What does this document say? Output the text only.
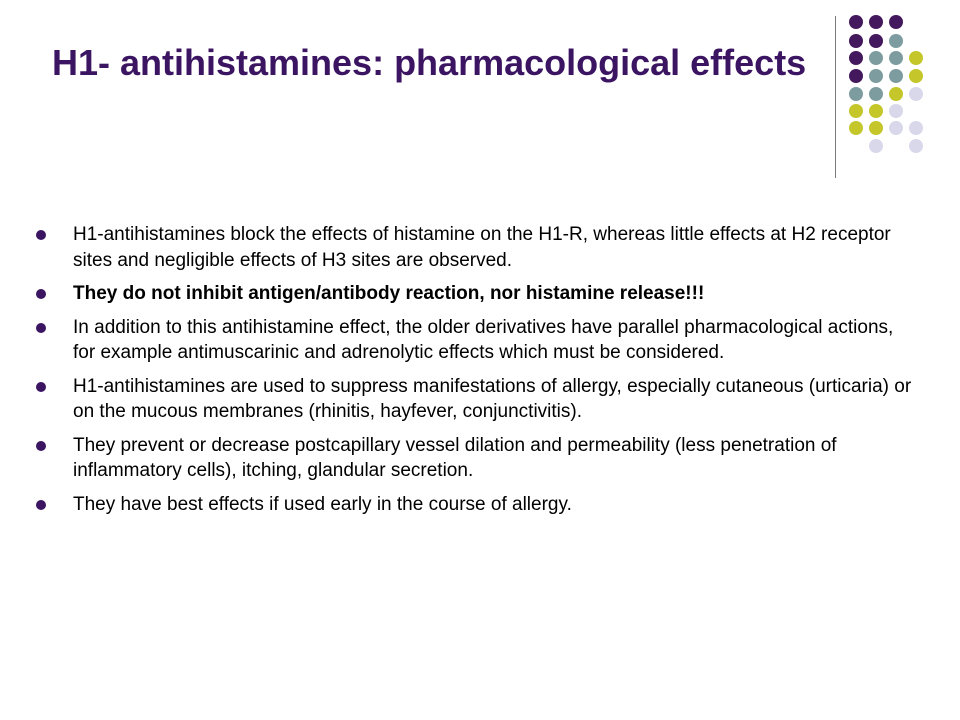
H1- antihistamines: pharmacological effects
H1-antihistamines block the effects of histamine on the H1-R, whereas little effects at H2 receptor sites and negligible effects of H3 sites are observed.
They do not inhibit antigen/antibody reaction, nor histamine release!!!
In addition to this antihistamine effect, the older derivatives have parallel pharmacological actions, for example antimuscarinic and adrenolytic effects which must be considered.
H1-antihistamines are used to suppress manifestations of allergy, especially cutaneous (urticaria) or on the mucous membranes (rhinitis, hayfever, conjunctivitis).
They prevent or decrease postcapillary vessel dilation and permeability (less penetration of inflammatory cells), itching, glandular secretion.
They have best effects if used early in the course of allergy.
